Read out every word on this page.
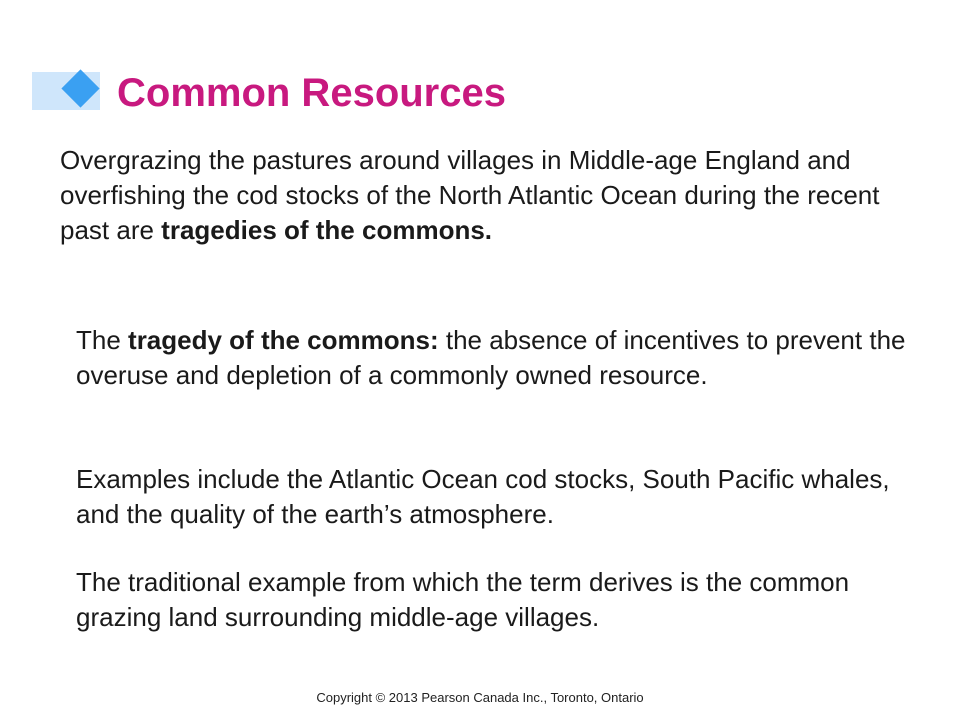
Common Resources

Overgrazing the pastures around villages in Middle-age England and overfishing the cod stocks of the North Atlantic Ocean during the recent past are tragedies of the commons.

The tragedy of the commons: the absence of incentives to prevent the overuse and depletion of a commonly owned resource.

Examples include the Atlantic Ocean cod stocks, South Pacific whales, and the quality of the earth’s atmosphere.

The traditional example from which the term derives is the common grazing land surrounding middle-age villages.

Copyright © 2013 Pearson Canada Inc., Toronto, Ontario
